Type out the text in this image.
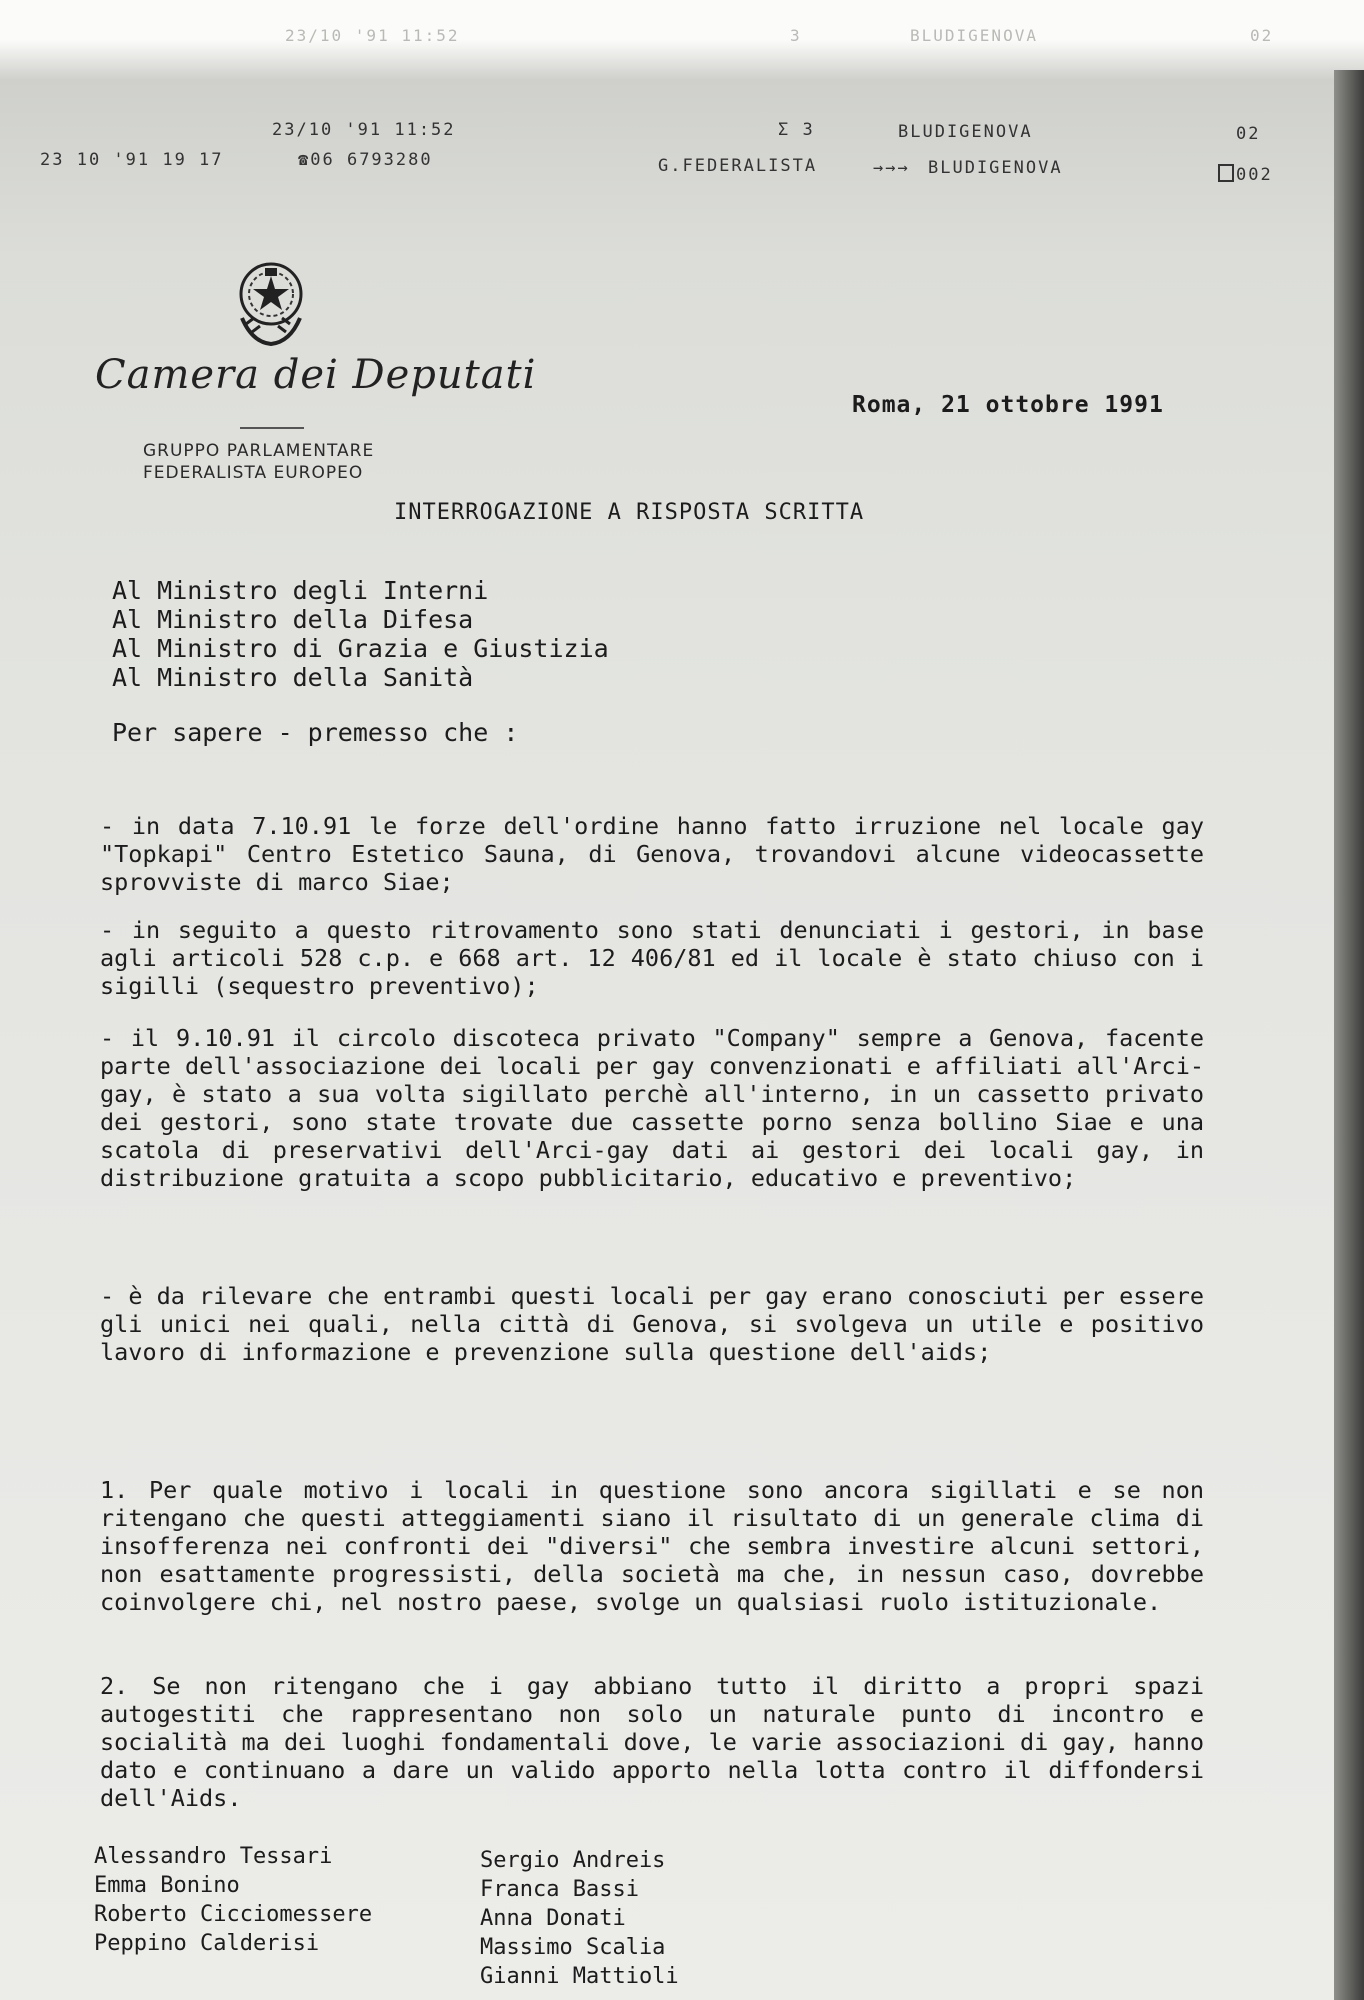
23/10 '91 11:52	3	BLUDIGENOVA	02
23/10 '91 11:52	Σ 3	BLUDIGENOVA	02
23 10 '91 19 17	☎06 6793280	G.FEDERALISTA	→→→ BLUDIGENOVA	002
Camera dei Deputati
GRUPPO PARLAMENTARE
FEDERALISTA EUROPEO
Roma, 21 ottobre 1991
INTERROGAZIONE A RISPOSTA SCRITTA
Al Ministro degli Interni
Al Ministro della Difesa
Al Ministro di Grazia e Giustizia
Al Ministro della Sanità
Per sapere - premesso che :
- in data 7.10.91 le forze dell'ordine hanno fatto irruzione nel locale gay "Topkapi" Centro Estetico Sauna, di Genova, trovandovi alcune videocassette sprovviste di marco Siae;
- in seguito a questo ritrovamento sono stati denunciati i gestori, in base agli articoli 528 c.p. e 668 art. 12 406/81 ed il locale è stato chiuso con i sigilli (sequestro preventivo);
- il 9.10.91 il circolo discoteca privato "Company" sempre a Genova, facente parte dell'associazione dei locali per gay convenzionati e affiliati all'Arci-gay, è stato a sua volta sigillato perchè all'interno, in un cassetto privato dei gestori, sono state trovate due cassette porno senza bollino Siae e una scatola di preservativi dell'Arci-gay dati ai gestori dei locali gay, in distribuzione gratuita a scopo pubblicitario, educativo e preventivo;
- è da rilevare che entrambi questi locali per gay erano conosciuti per essere gli unici nei quali, nella città di Genova, si svolgeva un utile e positivo lavoro di informazione e prevenzione sulla questione dell'aids;
1. Per quale motivo i locali in questione sono ancora sigillati e se non ritengano che questi atteggiamenti siano il risultato di un generale clima di insofferenza nei confronti dei "diversi" che sembra investire alcuni settori, non esattamente progressisti, della società ma che, in nessun caso, dovrebbe coinvolgere chi, nel nostro paese, svolge un qualsiasi ruolo istituzionale.
2. Se non ritengano che i gay abbiano tutto il diritto a propri spazi autogestiti che rappresentano non solo un naturale punto di incontro e socialità ma dei luoghi fondamentali dove, le varie associazioni di gay, hanno dato e continuano a dare un valido apporto nella lotta contro il diffondersi dell'Aids.
Alessandro Tessari
Emma Bonino
Roberto Cicciomessere
Peppino Calderisi
Sergio Andreis
Franca Bassi
Anna Donati
Massimo Scalia
Gianni Mattioli
